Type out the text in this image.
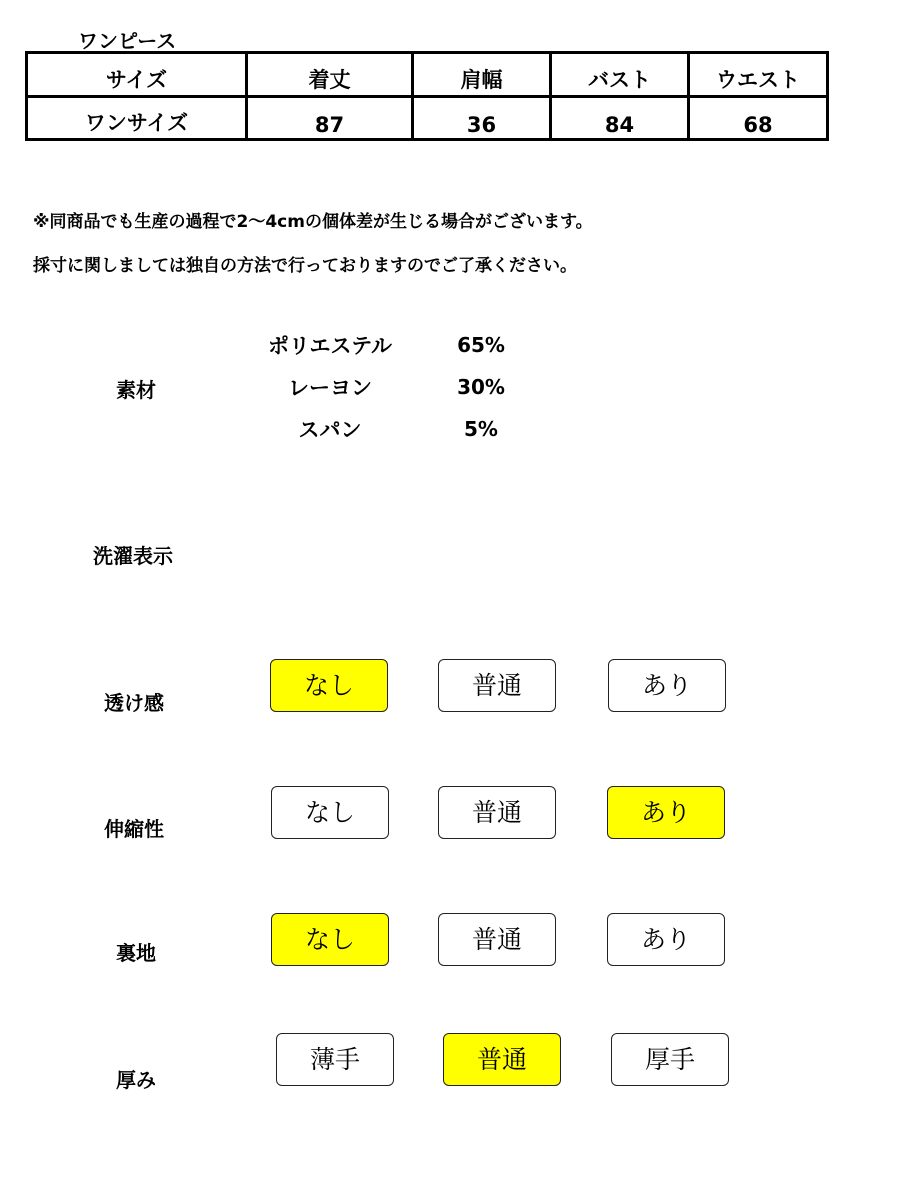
ワンピース
サイズ	着丈	肩幅	バスト	ウエスト
ワンサイズ	87	36	84	68
※同商品でも生産の過程で2～4cmの個体差が生じる場合がございます。
採寸に関しましては独自の方法で行っておりますのでご了承ください。
素材
ポリエステル	65%
レーヨン	30%
スパン	5%
洗濯表示
透け感
なし	普通	あり
伸縮性
なし	普通	あり
裏地	なし	普通	あり
厚み
薄手	普通	厚手
